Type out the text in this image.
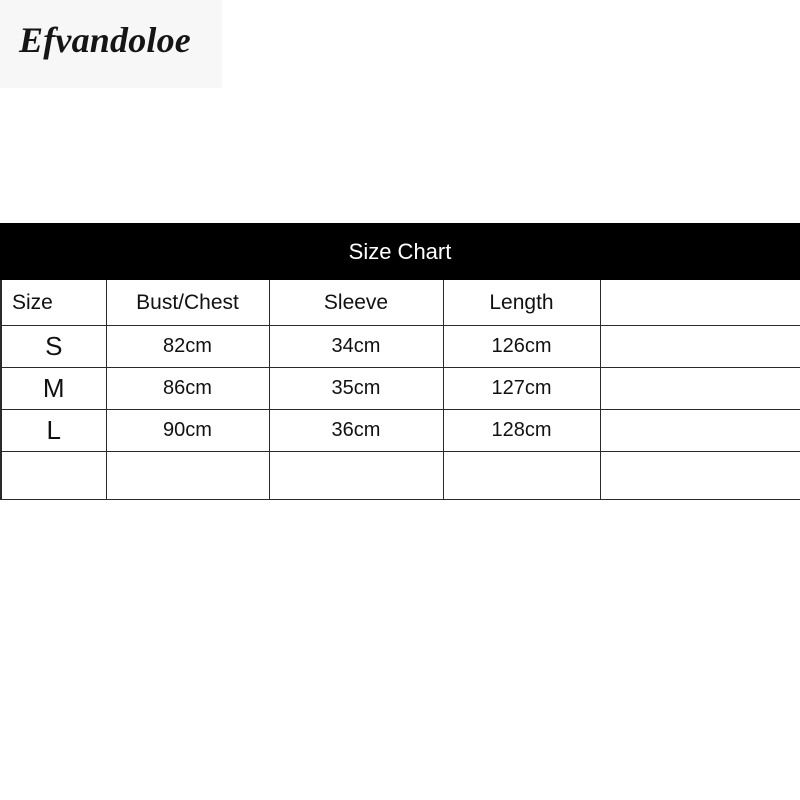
Efvandoloe
Size Chart
Size	Bust/Chest	Sleeve	Length	
S	82cm	34cm	126cm	
M	86cm	35cm	127cm	
L	90cm	36cm	128cm	
